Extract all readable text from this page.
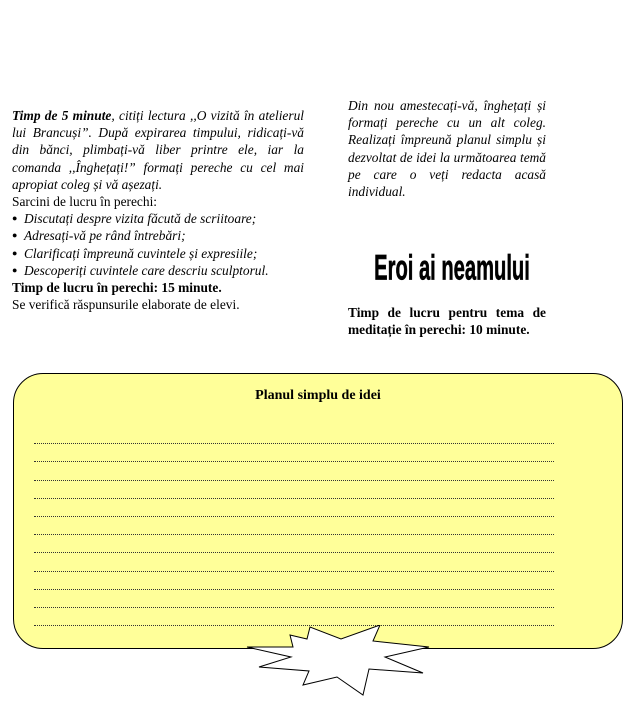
Timp de 5 minute, citiți lectura ,,O vizită în atelierul lui Brancuși”. După expirarea timpului, ridicați-vă din bănci, plimbați-vă liber printre ele, iar la comanda ,,Înghețați!” formați pereche cu cel mai apropiat coleg și vă așezați.

Sarcini de lucru în perechi:

● Discutați despre vizita făcută de scriitoare;
● Adresați-vă pe rând întrebări;
● Clarificați împreună cuvintele și expresiile;
● Descoperiți cuvintele care descriu sculptorul.

Timp de lucru în perechi: 15 minute.

Se verifică răspunsurile elaborate de elevi.

Din nou amestecați-vă, înghețați și formați pereche cu un alt coleg. Realizați împreună planul simplu și dezvoltat de idei la următoarea temă pe care o veți redacta acasă individual.

Eroi ai neamului

Timp de lucru pentru tema de meditație în perechi: 10 minute.

Planul simplu de idei
